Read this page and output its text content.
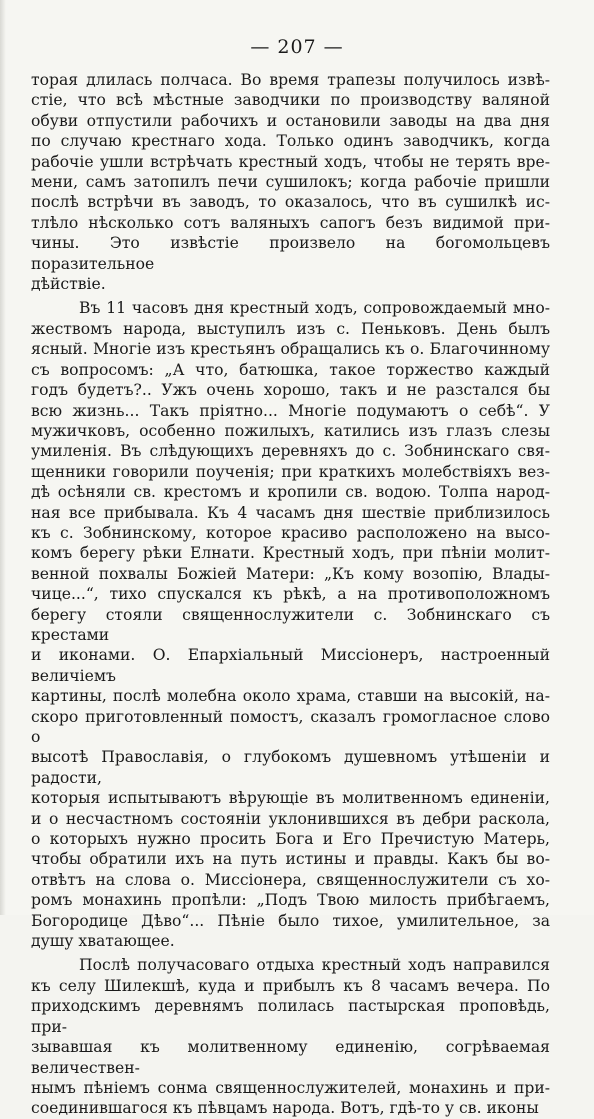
— 207 —

торая длилась полчаса. Во время трапезы получилось извѣ-
стіе, что всѣ мѣстные заводчики по производству валяной
обуви отпустили рабочихъ и остановили заводы на два дня
по случаю крестнаго хода. Только одинъ заводчикъ, когда
рабочіе ушли встрѣчать крестный ходъ, чтобы не терять вре-
мени, самъ затопилъ печи сушилокъ; когда рабочіе пришли
послѣ встрѣчи въ заводъ, то оказалось, что въ сушилкѣ ис-
тлѣло нѣсколько сотъ валяныхъ сапогъ безъ видимой при-
чины. Это извѣстіе произвело на богомольцевъ поразительное
дѣйствіе.

Въ 11 часовъ дня крестный ходъ, сопровождаемый мно-
жествомъ народа, выступилъ изъ с. Пеньковъ. День былъ
ясный. Многіе изъ крестьянъ обращались къ о. Благочинному
съ вопросомъ: „А что, батюшка, такое торжество каждый
годъ будетъ?.. Ужъ очень хорошо, такъ и не разстался бы
всю жизнь... Такъ пріятно... Многіе подумаютъ о себѣ“. У
мужичковъ, особенно пожилыхъ, катились изъ глазъ слезы
умиленія. Въ слѣдующихъ деревняхъ до с. Зобнинскаго свя-
щенники говорили поученія; при краткихъ молебствіяхъ вез-
дѣ осѣняли св. крестомъ и кропили св. водою. Толпа народ-
ная все прибывала. Къ 4 часамъ дня шествіе приблизилось
къ с. Зобнинскому, которое красиво расположено на высо-
комъ берегу рѣки Елнати. Крестный ходъ, при пѣніи молит-
венной похвалы Божіей Матери: „Къ кому возопію, Влады-
чице...“, тихо спускался къ рѣкѣ, а на противоположномъ
берегу стояли священнослужители с. Зобнинскаго съ крестами
и иконами. О. Епархіальный Миссіонеръ, настроенный величіемъ
картины, послѣ молебна около храма, ставши на высокій, на-
скоро приготовленный помостъ, сказалъ громогласное слово о
высотѣ Православія, о глубокомъ душевномъ утѣшеніи и радости,
которыя испытываютъ вѣрующіе въ молитвенномъ единеніи,
и о несчастномъ состояніи уклонившихся въ дебри раскола,
о которыхъ нужно просить Бога и Его Пречистую Матерь,
чтобы обратили ихъ на путь истины и правды. Какъ бы во-
отвѣтъ на слова о. Миссіонера, священнослужители съ хо-
ромъ монахинь пропѣли: „Подъ Твою милость прибѣгаемъ,
Богородице Дѣво“... Пѣніе было тихое, умилительное, за
душу хватающее.

Послѣ получасоваго отдыха крестный ходъ направился
къ селу Шилекшѣ, куда и прибылъ къ 8 часамъ вечера. По
приходскимъ деревнямъ полилась пастырская проповѣдь, при-
зывавшая къ молитвенному единенію, согрѣваемая величествен-
нымъ пѣніемъ сонма священнослужителей, монахинь и при-
соединившагося къ пѣвцамъ народа. Вотъ, гдѣ-то у св. иконы
